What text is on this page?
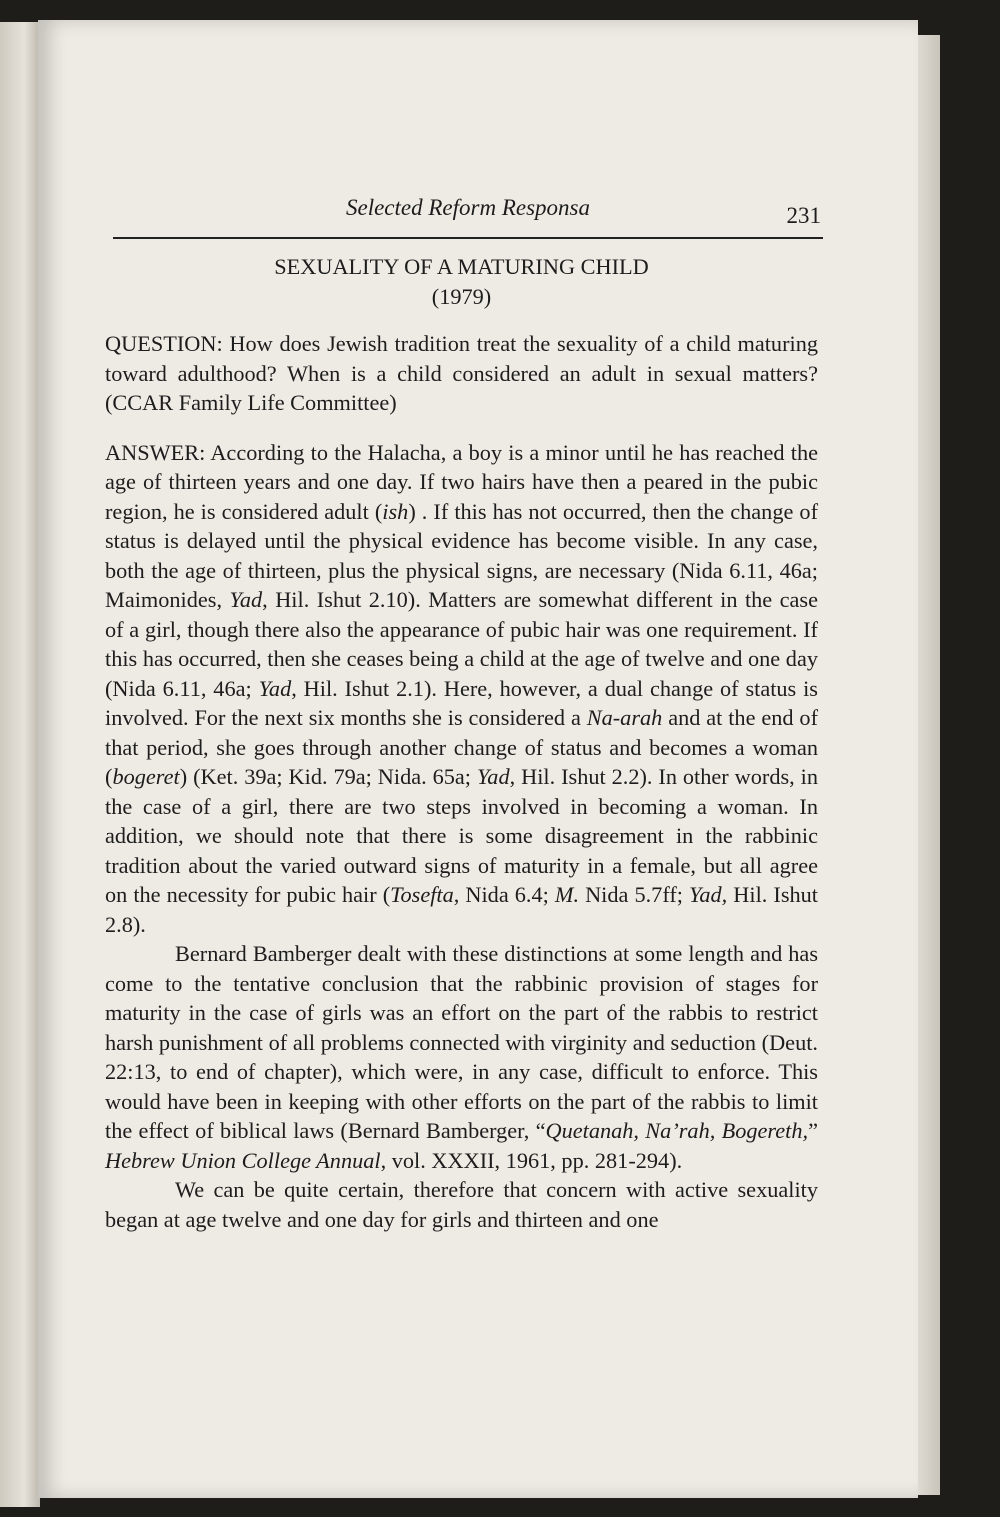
Selected Reform Responsa	231

SEXUALITY OF A MATURING CHILD

(1979)

QUESTION: How does Jewish tradition treat the sexuality of a child maturing toward adulthood? When is a child considered an adult in sexual matters? (CCAR Family Life Committee)

ANSWER: According to the Halacha, a boy is a minor until he has reached the age of thirteen years and one day. If two hairs have then a peared in the pubic region, he is considered adult (ish) . If this has not occurred, then the change of status is delayed until the physical evidence has become visible. In any case, both the age of thirteen, plus the physical signs, are necessary (Nida 6.11, 46a; Maimonides, Yad, Hil. Ishut 2.10). Matters are somewhat different in the case of a girl, though there also the appearance of pubic hair was one requirement. If this has occurred, then she ceases being a child at the age of twelve and one day (Nida 6.11, 46a; Yad, Hil. Ishut 2.1). Here, however, a dual change of status is involved. For the next six months she is considered a Na-arah and at the end of that period, she goes through another change of status and becomes a woman (bogeret) (Ket. 39a; Kid. 79a; Nida. 65a; Yad, Hil. Ishut 2.2). In other words, in the case of a girl, there are two steps involved in becoming a woman. In addition, we should note that there is some disagreement in the rabbinic tradition about the varied outward signs of maturity in a female, but all agree on the necessity for pubic hair (Tosefta, Nida 6.4; M. Nida 5.7ff; Yad, Hil. Ishut 2.8).

Bernard Bamberger dealt with these distinctions at some length and has come to the tentative conclusion that the rabbinic provision of stages for maturity in the case of girls was an effort on the part of the rabbis to restrict harsh punishment of all problems connected with virginity and seduction (Deut. 22:13, to end of chapter), which were, in any case, difficult to enforce. This would have been in keeping with other efforts on the part of the rabbis to limit the effect of biblical laws (Bernard Bamberger, “Quetanah, Na’rah, Bogereth,” Hebrew Union College Annual, vol. XXXII, 1961, pp. 281-294).

We can be quite certain, therefore that concern with active sexuality began at age twelve and one day for girls and thirteen and one
